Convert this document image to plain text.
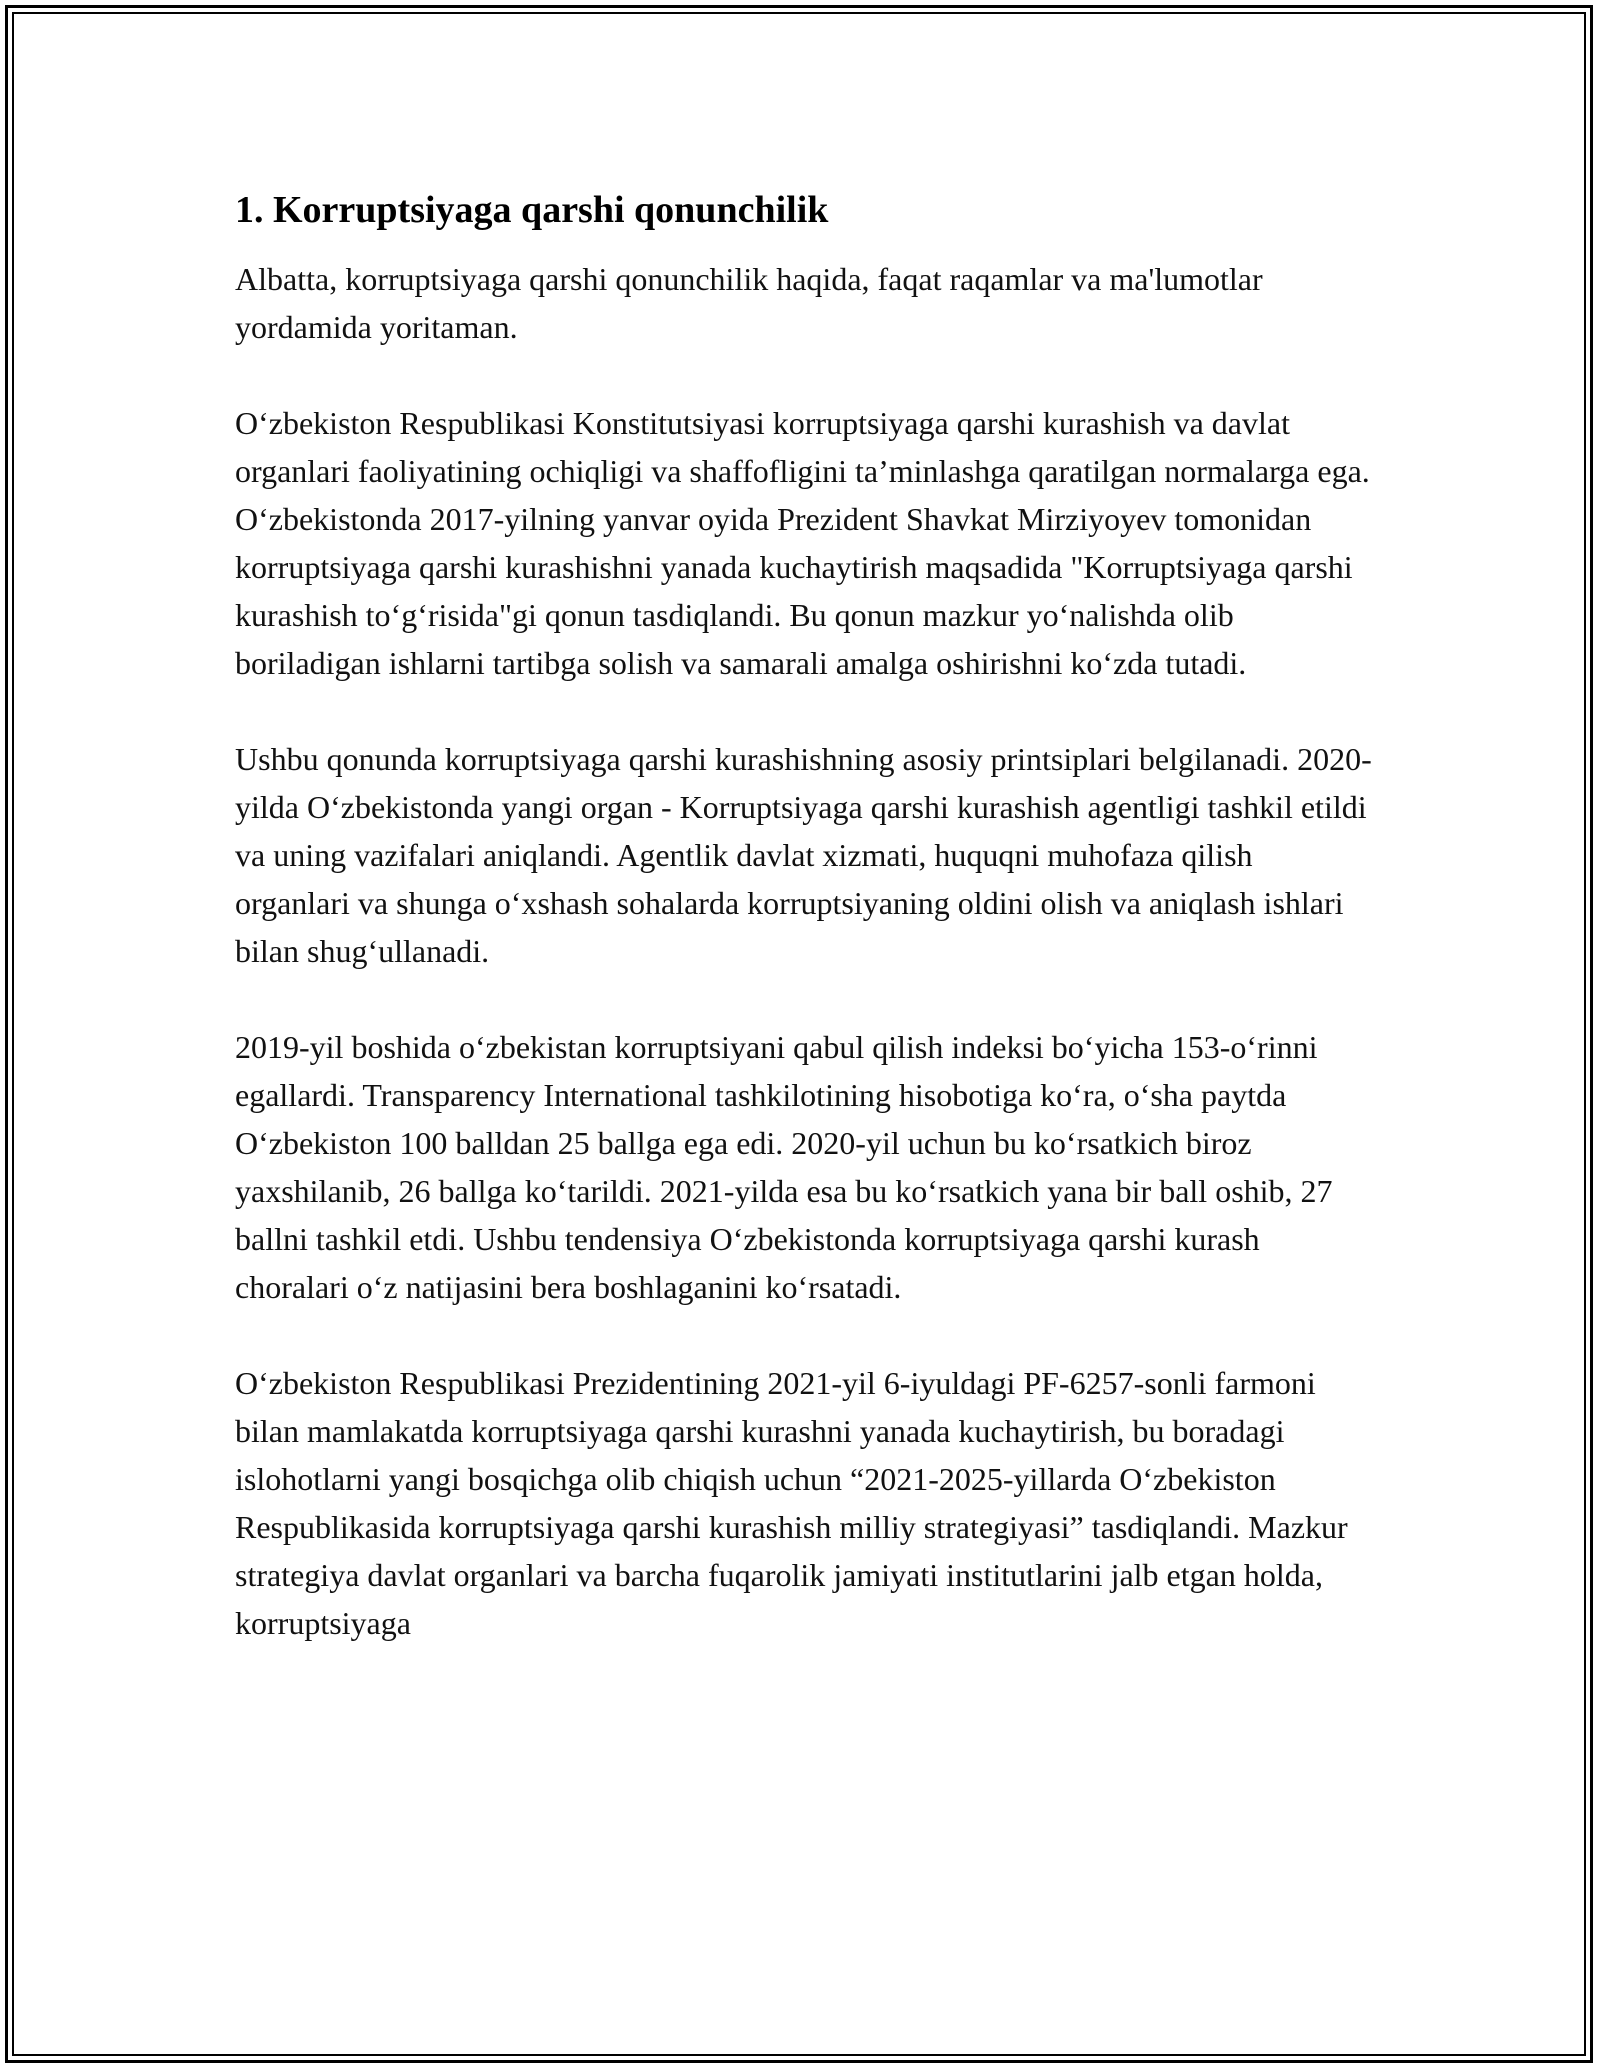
1. Korruptsiyaga qarshi qonunchilik

Albatta, korruptsiyaga qarshi qonunchilik haqida, faqat raqamlar va ma'lumotlar yordamida yoritaman.

O‘zbekiston Respublikasi Konstitutsiyasi korruptsiyaga qarshi kurashish va davlat organlari faoliyatining ochiqligi va shaffofligini ta’minlashga qaratilgan normalarga ega. O‘zbekistonda 2017-yilning yanvar oyida Prezident Shavkat Mirziyoyev tomonidan korruptsiyaga qarshi kurashishni yanada kuchaytirish maqsadida "Korruptsiyaga qarshi kurashish to‘g‘risida"gi qonun tasdiqlandi. Bu qonun mazkur yo‘nalishda olib boriladigan ishlarni tartibga solish va samarali amalga oshirishni ko‘zda tutadi.

Ushbu qonunda korruptsiyaga qarshi kurashishning asosiy printsiplari belgilanadi. 2020-yilda O‘zbekistonda yangi organ - Korruptsiyaga qarshi kurashish agentligi tashkil etildi va uning vazifalari aniqlandi. Agentlik davlat xizmati, huquqni muhofaza qilish organlari va shunga o‘xshash sohalarda korruptsiyaning oldini olish va aniqlash ishlari bilan shug‘ullanadi.

2019-yil boshida o‘zbekistan korruptsiyani qabul qilish indeksi bo‘yicha 153-o‘rinni egallardi. Transparency International tashkilotining hisobotiga ko‘ra, o‘sha paytda O‘zbekiston 100 balldan 25 ballga ega edi. 2020-yil uchun bu ko‘rsatkich biroz yaxshilanib, 26 ballga ko‘tarildi. 2021-yilda esa bu ko‘rsatkich yana bir ball oshib, 27 ballni tashkil etdi. Ushbu tendensiya O‘zbekistonda korruptsiyaga qarshi kurash choralari o‘z natijasini bera boshlaganini ko‘rsatadi.

O‘zbekiston Respublikasi Prezidentining 2021-yil 6-iyuldagi PF-6257-sonli farmoni bilan mamlakatda korruptsiyaga qarshi kurashni yanada kuchaytirish, bu boradagi islohotlarni yangi bosqichga olib chiqish uchun “2021-2025-yillarda O‘zbekiston Respublikasida korruptsiyaga qarshi kurashish milliy strategiyasi” tasdiqlandi. Mazkur strategiya davlat organlari va barcha fuqarolik jamiyati institutlarini jalb etgan holda, korruptsiyaga
